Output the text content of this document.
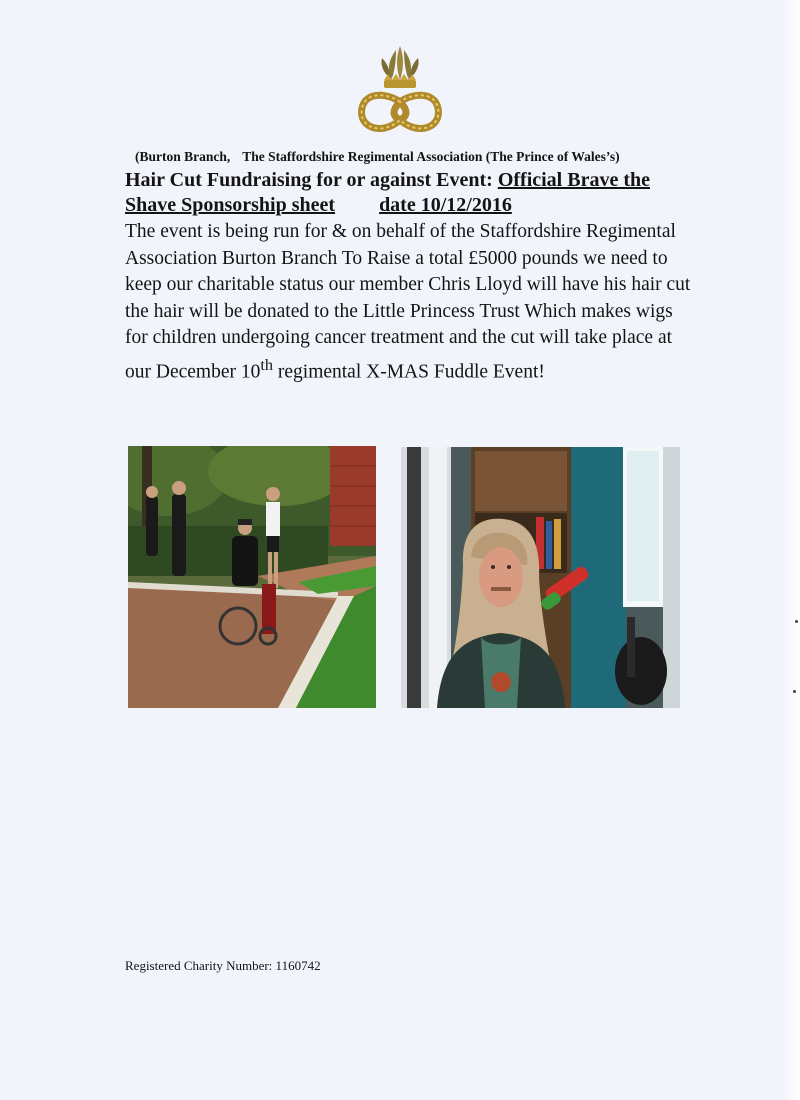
(Burton Branch, The Staffordshire Regimental Association (The Prince of Wales’s)
Hair Cut Fundraising for or against Event: Official Brave the Shave Sponsorship sheet date 10/12/2016
The event is being run for & on behalf of the Staffordshire Regimental Association Burton Branch To Raise a total £5000 pounds we need to keep our charitable status our member Chris Lloyd will have his hair cut the hair will be donated to the Little Princess Trust Which makes wigs for children undergoing cancer treatment and the cut will take place at our December 10th regimental X-MAS Fuddle Event!
Registered Charity Number: 1160742
